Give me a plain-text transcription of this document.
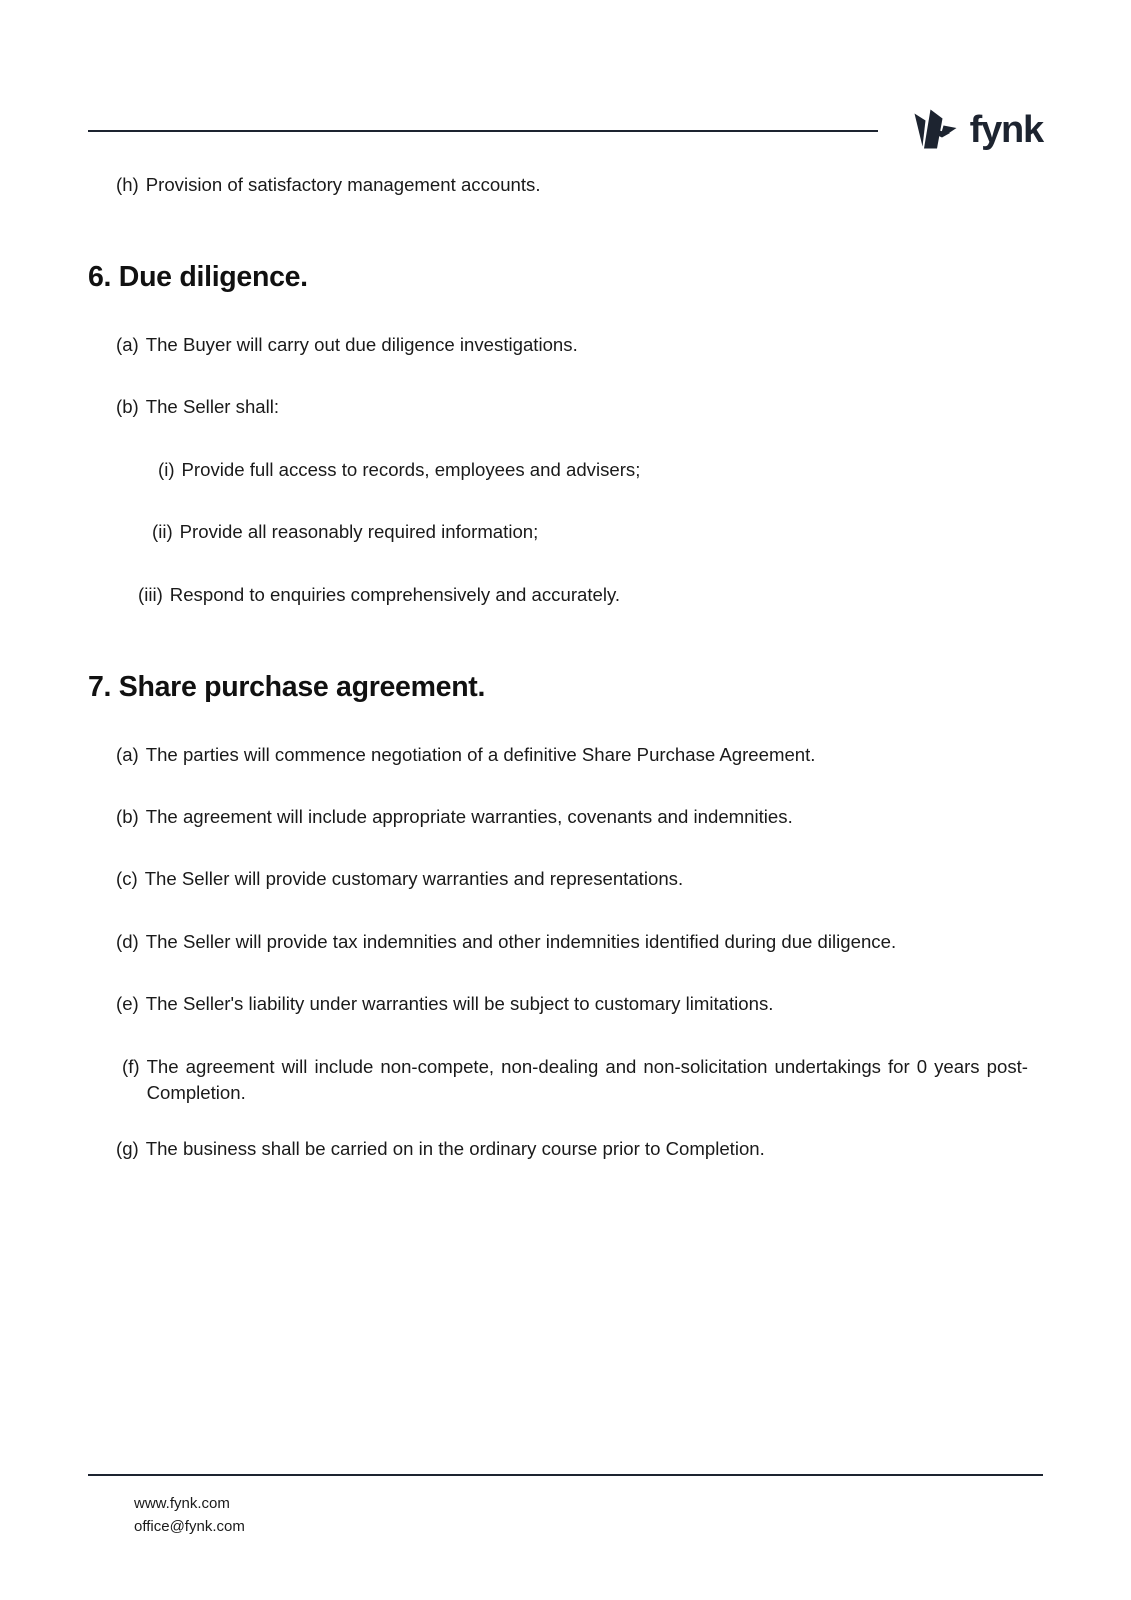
fynk
(h) Provision of satisfactory management accounts.
6. Due diligence.
(a) The Buyer will carry out due diligence investigations.
(b) The Seller shall:
(i) Provide full access to records, employees and advisers;
(ii) Provide all reasonably required information;
(iii) Respond to enquiries comprehensively and accurately.
7. Share purchase agreement.
(a) The parties will commence negotiation of a definitive Share Purchase Agreement.
(b) The agreement will include appropriate warranties, covenants and indemnities.
(c) The Seller will provide customary warranties and representations.
(d) The Seller will provide tax indemnities and other indemnities identified during due diligence.
(e) The Seller's liability under warranties will be subject to customary limitations.
(f) The agreement will include non-compete, non-dealing and non-solicitation undertakings for 0 years post-Completion.
(g) The business shall be carried on in the ordinary course prior to Completion.
www.fynk.com
office@fynk.com
